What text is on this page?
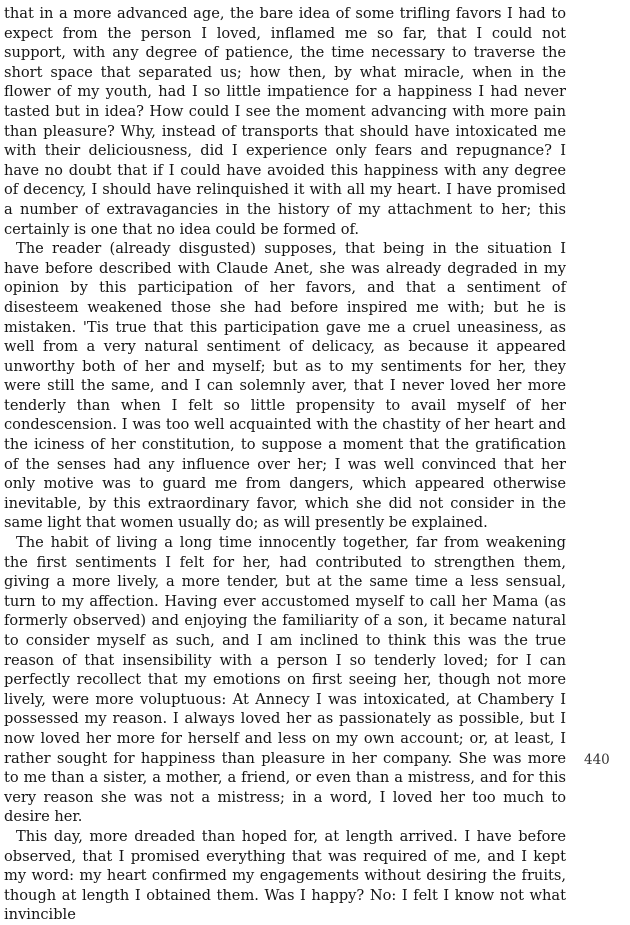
that in a more advanced age, the bare idea of some trifling favors I had to expect from the person I loved, inflamed me so far, that I could not support, with any degree of patience, the time necessary to traverse the short space that separated us; how then, by what miracle, when in the flower of my youth, had I so little impatience for a happiness I had never tasted but in idea? How could I see the moment advancing with more pain than pleasure? Why, instead of transports that should have intoxicated me with their deliciousness, did I experience only fears and repugnance? I have no doubt that if I could have avoided this happiness with any degree of decency, I should have relinquished it with all my heart. I have promised a number of extravagancies in the history of my attachment to her; this certainly is one that no idea could be formed of.

The reader (already disgusted) supposes, that being in the situation I have before described with Claude Anet, she was already degraded in my opinion by this participation of her favors, and that a sentiment of disesteem weakened those she had before inspired me with; but he is mistaken. 'Tis true that this participation gave me a cruel uneasiness, as well from a very natural sentiment of delicacy, as because it appeared unworthy both of her and myself; but as to my sentiments for her, they were still the same, and I can solemnly aver, that I never loved her more tenderly than when I felt so little propensity to avail myself of her condescension. I was too well acquainted with the chastity of her heart and the iciness of her constitution, to suppose a moment that the gratification of the senses had any influence over her; I was well convinced that her only motive was to guard me from dangers, which appeared otherwise inevitable, by this extraordinary favor, which she did not consider in the same light that women usually do; as will presently be explained.

The habit of living a long time innocently together, far from weakening the first sentiments I felt for her, had contributed to strengthen them, giving a more lively, a more tender, but at the same time a less sensual, turn to my affection. Having ever accustomed myself to call her Mama (as formerly observed) and enjoying the familiarity of a son, it became natural to consider myself as such, and I am inclined to think this was the true reason of that insensibility with a person I so tenderly loved; for I can perfectly recollect that my emotions on first seeing her, though not more lively, were more voluptuous: At Annecy I was intoxicated, at Chambery I possessed my reason. I always loved her as passionately as possible, but I now loved her more for herself and less on my own account; or, at least, I rather sought for happiness than pleasure in her company. She was more to me than a sister, a mother, a friend, or even than a mistress, and for this very reason she was not a mistress; in a word, I loved her too much to desire her.

This day, more dreaded than hoped for, at length arrived. I have before observed, that I promised everything that was required of me, and I kept my word: my heart confirmed my engagements without desiring the fruits, though at length I obtained them. Was I happy? No: I felt I know not what invincible

440
